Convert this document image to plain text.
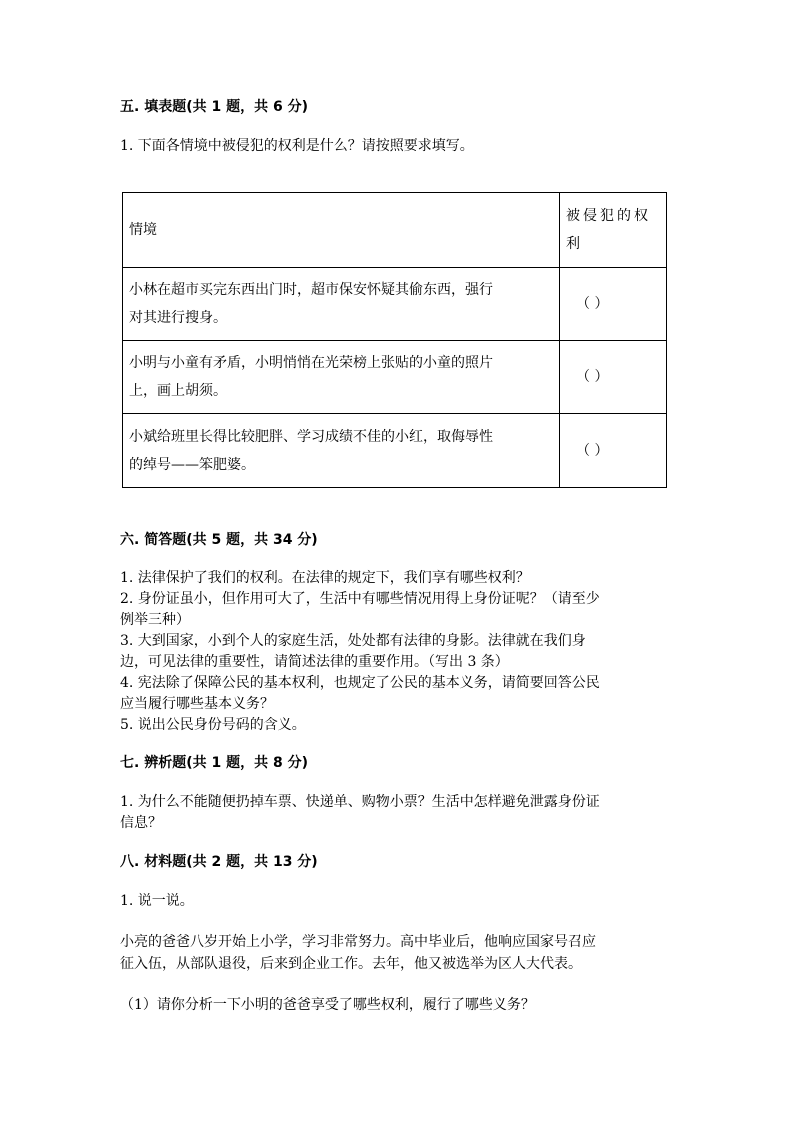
五. 填表题(共 1 题，共 6 分)
1. 下面各情境中被侵犯的权利是什么？请按照要求填写。
情境	被侵犯的权
利

小林在超市买完东西出门时，超市保安怀疑其偷东西，强行
对其进行搜身。	（ ）

小明与小童有矛盾，小明悄悄在光荣榜上张贴的小童的照片
上，画上胡须。	（ ）

小斌给班里长得比较肥胖、学习成绩不佳的小红，取侮辱性
的绰号——笨肥婆。	（ ）
六. 简答题(共 5 题，共 34 分)
1. 法律保护了我们的权利。在法律的规定下，我们享有哪些权利？
2. 身份证虽小，但作用可大了，生活中有哪些情况用得上身份证呢？（请至少
例举三种）
3. 大到国家，小到个人的家庭生活，处处都有法律的身影。法律就在我们身
边，可见法律的重要性，请简述法律的重要作用。（写出 3 条）
4. 宪法除了保障公民的基本权利，也规定了公民的基本义务，请简要回答公民
应当履行哪些基本义务？
5. 说出公民身份号码的含义。
七. 辨析题(共 1 题，共 8 分)
1. 为什么不能随便扔掉车票、快递单、购物小票？生活中怎样避免泄露身份证
信息？
八. 材料题(共 2 题，共 13 分)
1. 说一说。
小亮的爸爸八岁开始上小学，学习非常努力。高中毕业后，他响应国家号召应
征入伍，从部队退役，后来到企业工作。去年，他又被选举为区人大代表。
（1）请你分析一下小明的爸爸享受了哪些权利，履行了哪些义务？
